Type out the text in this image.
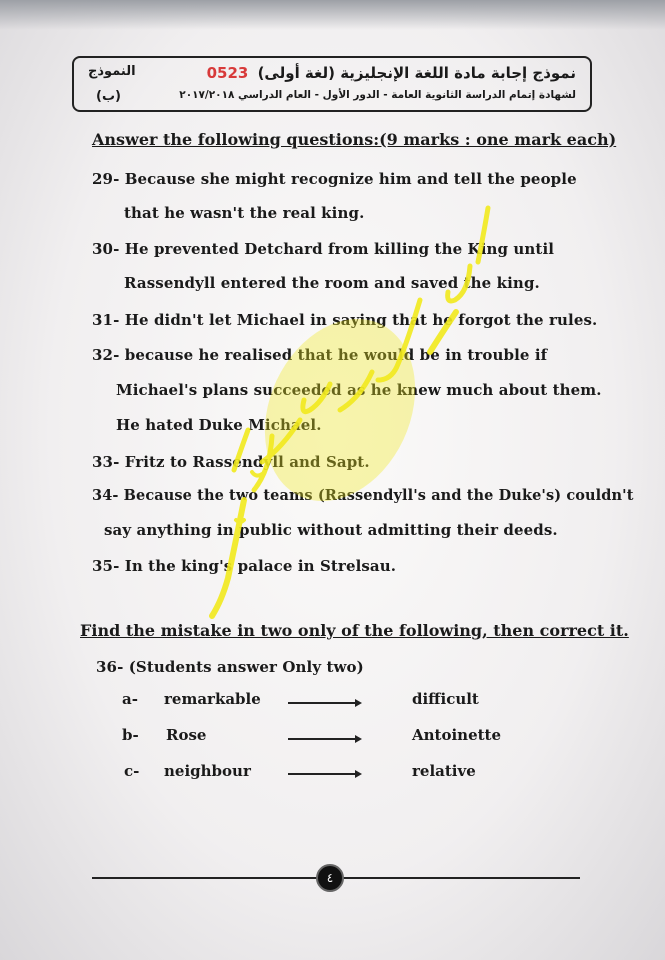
نموذج إجابة مادة اللغة الإنجليزية (لغة أولى) 0523
النموذج
لشهادة إتمام الدراسة الثانوية العامة - الدور الأول - العام الدراسي ٢٠١٧/٢٠١٨
(ب)
Answer the following questions:(9 marks : one mark each)
29- Because she might recognize him and tell the people
that he wasn't the real king.
30- He prevented Detchard from killing the King until
Rassendyll entered the room and saved the king.
31- He didn't let Michael in saying that he forgot the rules.
32- because he realised that he would be in trouble if
Michael's plans succeeded as he knew much about them.
He hated Duke Michael.
33- Fritz to Rassendyll and Sapt.
34- Because the two teams (Rassendyll's and the Duke's) couldn't
say anything in public without admitting their deeds.
35- In the king's palace in Strelsau.
Find the mistake in two only of the following, then correct it.
36- (Students answer Only two)
a- remarkable	difficult
b- Rose	Antoinette
c- neighbour	relative
٤
